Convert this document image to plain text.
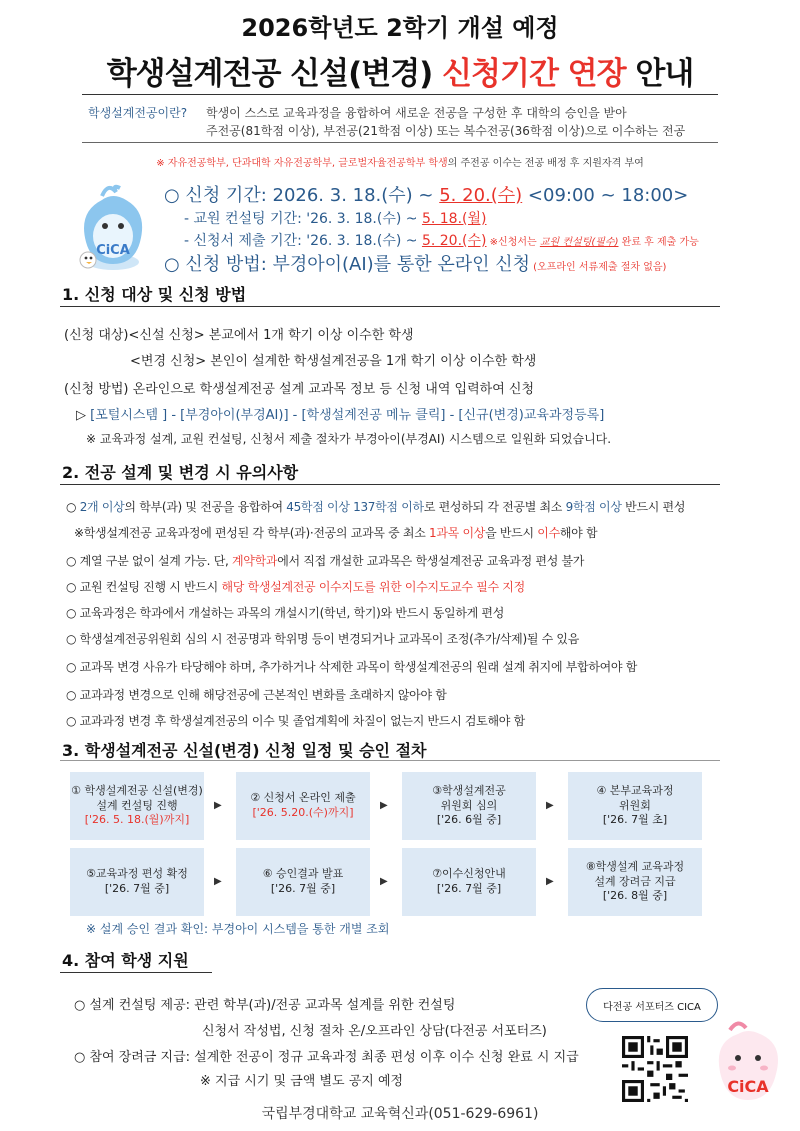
2026학년도 2학기 개설 예정
학생설계전공 신설(변경) 신청기간 연장 안내
학생설계전공이란? 학생이 스스로 교육과정을 융합하여 새로운 전공을 구성한 후 대학의 승인을 받아
주전공(81학점 이상), 부전공(21학점 이상) 또는 복수전공(36학점 이상)으로 이수하는 전공
※ 자유전공학부, 단과대학 자유전공학부, 글로벌자율전공학부 학생의 주전공 이수는 전공 배정 후 지원자격 부여
CiCA
○ 신청 기간: 2026. 3. 18.(수) ~ 5. 20.(수) <09:00 ~ 18:00>
- 교원 컨설팅 기간: '26. 3. 18.(수) ~ 5. 18.(월)
- 신청서 제출 기간: '26. 3. 18.(수) ~ 5. 20.(수) ※신청서는 교원 컨설팅(필수) 완료 후 제출 가능
○ 신청 방법: 부경아이(AI)를 통한 온라인 신청 (오프라인 서류제출 절차 없음)
1. 신청 대상 및 신청 방법
(신청 대상)<신설 신청> 본교에서 1개 학기 이상 이수한 학생
<변경 신청> 본인이 설계한 학생설계전공을 1개 학기 이상 이수한 학생
(신청 방법) 온라인으로 학생설계전공 설계 교과목 정보 등 신청 내역 입력하여 신청
▷ [포털시스템 ] - [부경아이(부경AI)] - [학생설계전공 메뉴 클릭] - [신규(변경)교육과정등록]
※ 교육과정 설계, 교원 컨설팅, 신청서 제출 절차가 부경아이(부경AI) 시스템으로 일원화 되었습니다.
2. 전공 설계 및 변경 시 유의사항
○ 2개 이상의 학부(과) 및 전공을 융합하여 45학점 이상 137학점 이하로 편성하되 각 전공별 최소 9학점 이상 반드시 편성
※학생설계전공 교육과정에 편성된 각 학부(과)·전공의 교과목 중 최소 1과목 이상을 반드시 이수해야 함
○ 계열 구분 없이 설계 가능. 단, 계약학과에서 직접 개설한 교과목은 학생설계전공 교육과정 편성 불가
○ 교원 컨설팅 진행 시 반드시 해당 학생설계전공 이수지도를 위한 이수지도교수 필수 지정
○ 교육과정은 학과에서 개설하는 과목의 개설시기(학년, 학기)와 반드시 동일하게 편성
○ 학생설계전공위원회 심의 시 전공명과 학위명 등이 변경되거나 교과목이 조정(추가/삭제)될 수 있음
○ 교과목 변경 사유가 타당해야 하며, 추가하거나 삭제한 과목이 학생설계전공의 원래 설계 취지에 부합하여야 함
○ 교과과정 변경으로 인해 해당전공에 근본적인 변화를 초래하지 않아야 함
○ 교과과정 변경 후 학생설계전공의 이수 및 졸업계획에 차질이 없는지 반드시 검토해야 함
3. 학생설계전공 신설(변경) 신청 일정 및 승인 절차
① 학생설계전공 신설(변경)
설계 컨설팅 진행
['26. 5. 18.(월)까지]
▶
② 신청서 온라인 제출
['26. 5.20.(수)까지]
▶
③학생설계전공
위원회 심의
['26. 6월 중]
▶
④ 본부교육과정
위원회
['26. 7월 초]
⑤교육과정 편성 확정
['26. 7월 중]
▶
⑥ 승인결과 발표
['26. 7월 중]
▶
⑦이수신청안내
['26. 7월 중]
▶
⑧학생설계 교육과정
설계 장려금 지급
['26. 8월 중]
※ 설계 승인 결과 확인: 부경아이 시스템을 통한 개별 조회
4. 참여 학생 지원
○ 설계 컨설팅 제공: 관련 학부(과)/전공 교과목 설계를 위한 컨설팅
신청서 작성법, 신청 절차 온/오프라인 상담(다전공 서포터즈)
○ 참여 장려금 지급: 설계한 전공이 정규 교육과정 최종 편성 이후 이수 신청 완료 시 지급
※ 지급 시기 및 금액 별도 공지 예정
다전공 서포터즈 CICA
CiCA
국립부경대학교 교육혁신과(051-629-6961)
